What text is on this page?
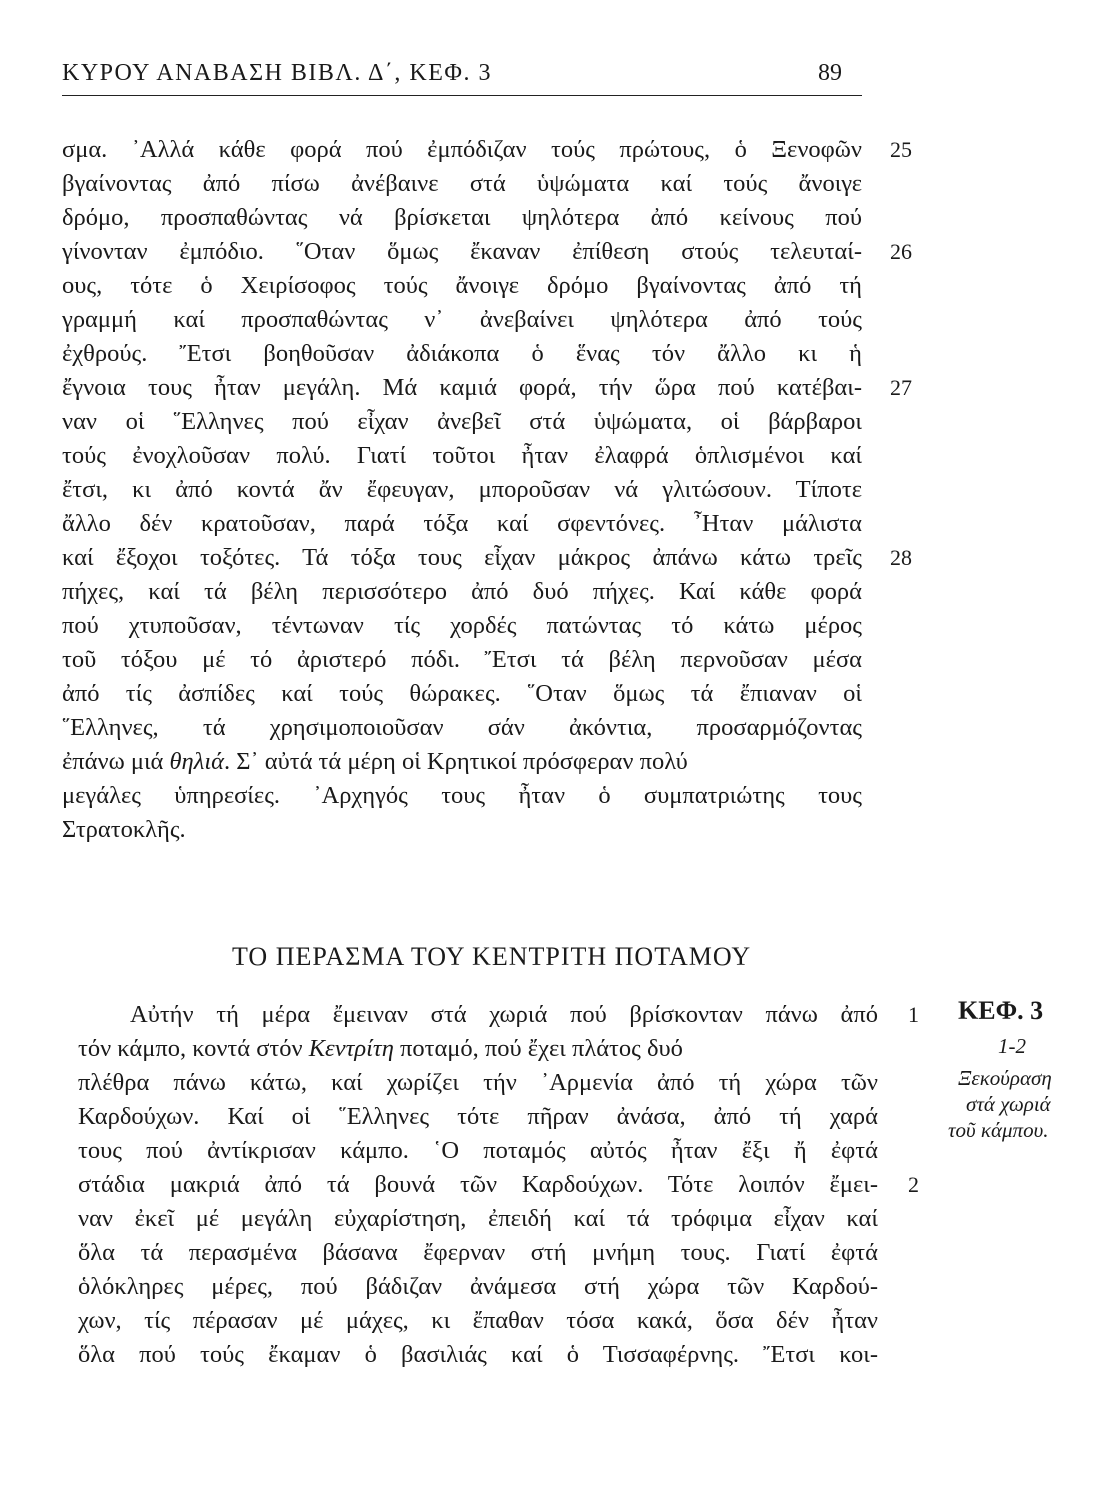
ΚΥΡΟΥ ΑΝΑΒΑΣΗ ΒΙΒΛ. Δ΄, ΚΕΦ. 3	89
σμα. ᾿Αλλά κάθε φορά πού ἐμπόδιζαν τούς πρώτους, ὁ Ξενοφῶν
βγαίνοντας ἀπό πίσω ἀνέβαινε στά ὑψώματα καί τούς ἄνοιγε
δρόμο, προσπαθώντας νά βρίσκεται ψηλότερα ἀπό κείνους πού
γίνονταν ἐμπόδιο. ῞Οταν ὅμως ἔκαναν ἐπίθεση στούς τελευταί-
ους, τότε ὁ Χειρίσοφος τούς ἄνοιγε δρόμο βγαίνοντας ἀπό τή
γραμμή καί προσπαθώντας ν᾿ ἀνεβαίνει ψηλότερα ἀπό τούς
ἐχθρούς. Ἔτσι βοηθοῦσαν ἀδιάκοπα ὁ ἕνας τόν ἄλλο κι ἡ
ἔγνοια τους ἦταν μεγάλη. Μά καμιά φορά, τήν ὥρα πού κατέβαι-
ναν οἱ ῞Ελληνες πού εἶχαν ἀνεβεῖ στά ὑψώματα, οἱ βάρβαροι
τούς ἐνοχλοῦσαν πολύ. Γιατί τοῦτοι ἦταν ἐλαφρά ὁπλισμένοι καί
ἔτσι, κι ἀπό κοντά ἄν ἔφευγαν, μποροῦσαν νά γλιτώσουν. Τίποτε
ἄλλο δέν κρατοῦσαν, παρά τόξα καί σφεντόνες. ῏Ηταν μάλιστα
καί ἔξοχοι τοξότες. Τά τόξα τους εἶχαν μάκρος ἀπάνω κάτω τρεῖς
πήχες, καί τά βέλη περισσότερο ἀπό δυό πήχες. Καί κάθε φορά
πού χτυποῦσαν, τέντωναν τίς χορδές πατώντας τό κάτω μέρος
τοῦ τόξου μέ τό ἀριστερό πόδι. Ἔτσι τά βέλη περνοῦσαν μέσα
ἀπό τίς ἀσπίδες καί τούς θώρακες. ῞Οταν ὅμως τά ἔπιαναν οἱ
῞Ελληνες, τά χρησιμοποιοῦσαν σάν ἀκόντια, προσαρμόζοντας
ἐπάνω μιά θηλιά. Σ᾿ αὐτά τά μέρη οἱ Κρητικοί πρόσφεραν πολύ
μεγάλες ὑπηρεσίες. ᾿Αρχηγός τους ἦταν ὁ συμπατριώτης τους
Στρατοκλῆς.
25
26
27
28
ΤΟ ΠΕΡΑΣΜΑ ΤΟΥ ΚΕΝΤΡΙΤΗ ΠΟΤΑΜΟΥ
Αὐτήν τή μέρα ἔμειναν στά χωριά πού βρίσκονταν πάνω ἀπό
τόν κάμπο, κοντά στόν Κεντρίτη ποταμό, πού ἔχει πλάτος δυό
πλέθρα πάνω κάτω, καί χωρίζει τήν ᾿Αρμενία ἀπό τή χώρα τῶν
Καρδούχων. Καί οἱ ῞Ελληνες τότε πῆραν ἀνάσα, ἀπό τή χαρά
τους πού ἀντίκρισαν κάμπο. ῾Ο ποταμός αὐτός ἦταν ἔξι ἤ ἐφτά
στάδια μακριά ἀπό τά βουνά τῶν Καρδούχων. Τότε λοιπόν ἔμει-
ναν ἐκεῖ μέ μεγάλη εὐχαρίστηση, ἐπειδή καί τά τρόφιμα εἶχαν καί
ὅλα τά περασμένα βάσανα ἔφερναν στή μνήμη τους. Γιατί ἐφτά
ὁλόκληρες μέρες, πού βάδιζαν ἀνάμεσα στή χώρα τῶν Καρδού-
χων, τίς πέρασαν μέ μάχες, κι ἔπαθαν τόσα κακά, ὅσα δέν ἦταν
ὅλα πού τούς ἔκαμαν ὁ βασιλιάς καί ὁ Τισσαφέρνης. Ἔτσι κοι-
1
2
ΚΕΦ. 3
1-2
Ξεκούραση
στά χωριά
τοῦ κάμπου.
